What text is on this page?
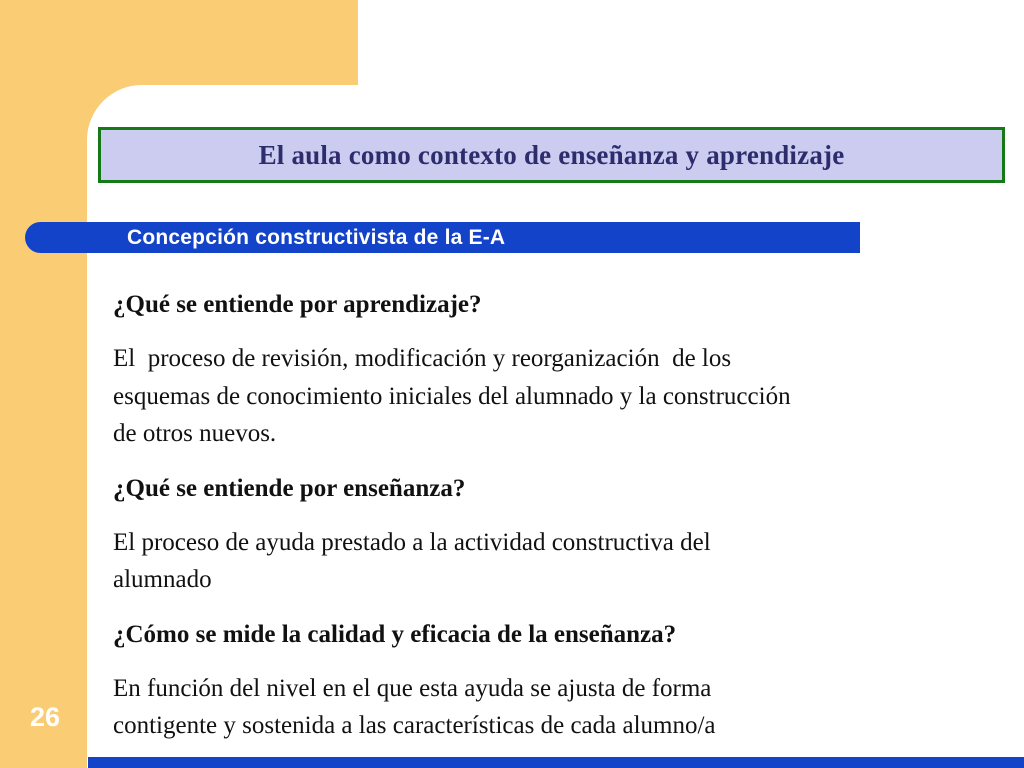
El aula como contexto de enseñanza y aprendizaje
Concepción constructivista de la E-A

¿Qué se entiende por aprendizaje?

El  proceso de revisión, modificación y reorganización  de los
esquemas de conocimiento iniciales del alumnado y la construcción
de otros nuevos.

¿Qué se entiende por enseñanza?

El proceso de ayuda prestado a la actividad constructiva del
alumnado

¿Cómo se mide la calidad y eficacia de la enseñanza?

En función del nivel en el que esta ayuda se ajusta de forma
contigente y sostenida a las características de cada alumno/a
26
